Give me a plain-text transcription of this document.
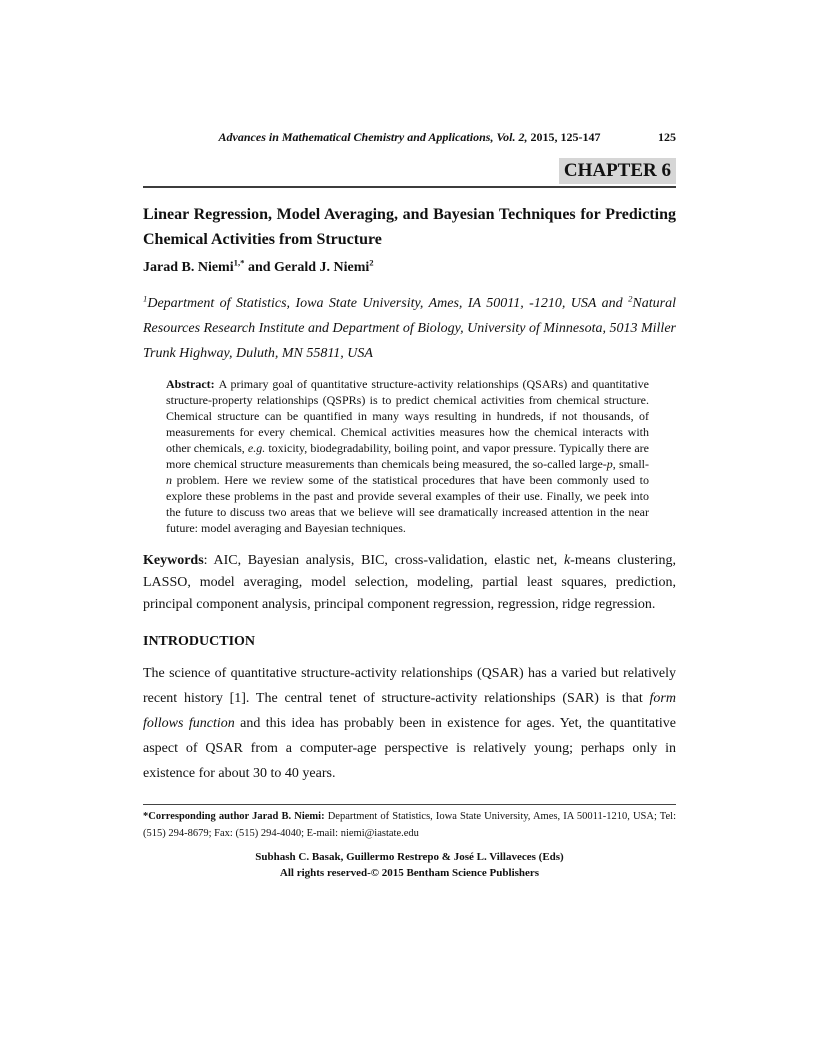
Advances in Mathematical Chemistry and Applications, Vol. 2, 2015, 125-147	125
CHAPTER 6
Linear Regression, Model Averaging, and Bayesian Techniques for Predicting Chemical Activities from Structure
Jarad B. Niemi$^{1,*}$ and Gerald J. Niemi$^2$
$^1$Department of Statistics, Iowa State University, Ames, IA 50011, -1210, USA and $^2$Natural Resources Research Institute and Department of Biology, University of Minnesota, 5013 Miller Trunk Highway, Duluth, MN 55811, USA
Abstract: A primary goal of quantitative structure-activity relationships (QSARs) and quantitative structure-property relationships (QSPRs) is to predict chemical activities from chemical structure. Chemical structure can be quantified in many ways resulting in hundreds, if not thousands, of measurements for every chemical. Chemical activities measures how the chemical interacts with other chemicals, e.g. toxicity, biodegradability, boiling point, and vapor pressure. Typically there are more chemical structure measurements than chemicals being measured, the so-called large-p, small-n problem. Here we review some of the statistical procedures that have been commonly used to explore these problems in the past and provide several examples of their use. Finally, we peek into the future to discuss two areas that we believe will see dramatically increased attention in the near future: model averaging and Bayesian techniques.
Keywords: AIC, Bayesian analysis, BIC, cross-validation, elastic net, k-means clustering, LASSO, model averaging, model selection, modeling, partial least squares, prediction, principal component analysis, principal component regression, regression, ridge regression.
INTRODUCTION
The science of quantitative structure-activity relationships (QSAR) has a varied but relatively recent history [1]. The central tenet of structure-activity relationships (SAR) is that form follows function and this idea has probably been in existence for ages. Yet, the quantitative aspect of QSAR from a computer-age perspective is relatively young; perhaps only in existence for about 30 to 40 years.
*Corresponding author Jarad B. Niemi: Department of Statistics, Iowa State University, Ames, IA 50011-1210, USA; Tel: (515) 294-8679; Fax: (515) 294-4040; E-mail: niemi@iastate.edu
Subhash C. Basak, Guillermo Restrepo & José L. Villaveces (Eds)
All rights reserved-© 2015 Bentham Science Publishers
